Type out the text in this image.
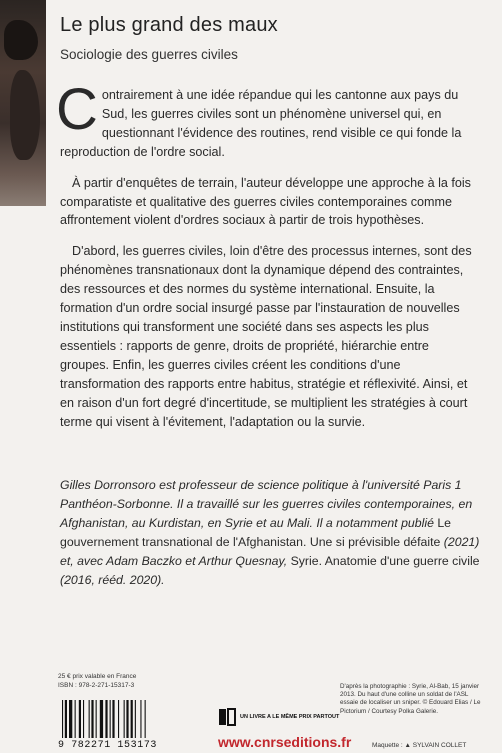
Le plus grand des maux
Sociologie des guerres civiles

Contrairement à une idée répandue qui les cantonne aux pays du Sud, les guerres civiles sont un phénomène universel qui, en questionnant l'évidence des routines, rend visible ce qui fonde la reproduction de l'ordre social.

À partir d'enquêtes de terrain, l'auteur développe une approche à la fois comparatiste et qualitative des guerres civiles contemporaines comme affrontement violent d'ordres sociaux à partir de trois hypothèses.

D'abord, les guerres civiles, loin d'être des processus internes, sont des phénomènes transnationaux dont la dynamique dépend des contraintes, des ressources et des normes du système international. Ensuite, la formation d'un ordre social insurgé passe par l'instauration de nouvelles institutions qui transforment une société dans ses aspects les plus essentiels : rapports de genre, droits de propriété, hiérarchie entre groupes. Enfin, les guerres civiles créent les conditions d'une transformation des rapports entre habitus, stratégie et réflexivité. Ainsi, et en raison d'un fort degré d'incertitude, se multiplient les stratégies à court terme qui visent à l'évitement, l'adaptation ou la survie.

Gilles Dorronsoro est professeur de science politique à l'université Paris 1 Panthéon-Sorbonne. Il a travaillé sur les guerres civiles contemporaines, en Afghanistan, au Kurdistan, en Syrie et au Mali. Il a notamment publié Le gouvernement transnational de l'Afghanistan. Une si prévisible défaite (2021) et, avec Adam Baczko et Arthur Quesnay, Syrie. Anatomie d'une guerre civile (2016, rééd. 2020).
25 € prix valable en France
ISBN : 978-2-271-15317-3
9 782271 153173
D'après la photographie : Syrie, Al-Bab, 15 janvier 2013. Du haut d'une colline un soldat de l'ASL essaie de localiser un sniper. © Edouard Elias / Le Pictorium / Courtesy Polka Galerie.
UN LIVRE A LE MÊME PRIX PARTOUT
www.cnrseditions.fr	Maquette : ▲ SYLVAIN COLLET
